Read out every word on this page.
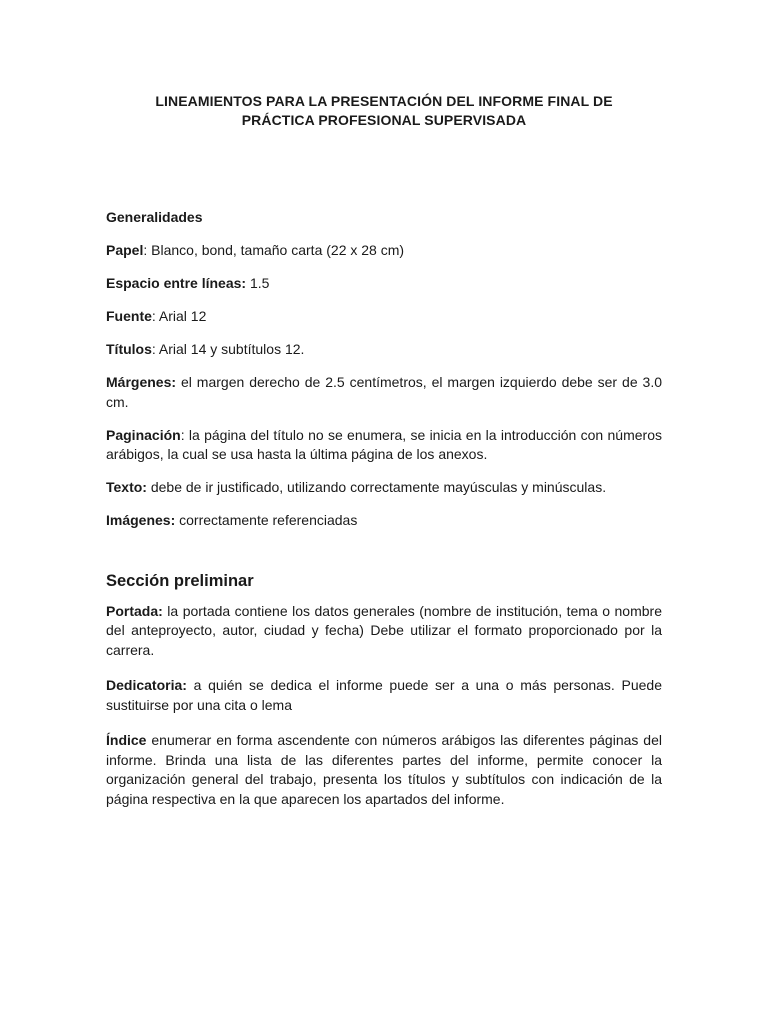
LINEAMIENTOS PARA LA PRESENTACIÓN DEL INFORME FINAL DE
PRÁCTICA PROFESIONAL SUPERVISADA

Generalidades

Papel: Blanco, bond, tamaño carta (22 x 28 cm)

Espacio entre líneas: 1.5

Fuente: Arial 12

Títulos: Arial 14 y subtítulos 12.

Márgenes: el margen derecho de 2.5 centímetros, el margen izquierdo debe ser de 3.0 cm.

Paginación: la página del título no se enumera, se inicia en la introducción con números arábigos, la cual se usa hasta la última página de los anexos.

Texto: debe de ir justificado, utilizando correctamente mayúsculas y minúsculas.

Imágenes: correctamente referenciadas

Sección preliminar

Portada: la portada contiene los datos generales (nombre de institución, tema o nombre del anteproyecto, autor, ciudad y fecha) Debe utilizar el formato proporcionado por la carrera.

Dedicatoria: a quién se dedica el informe puede ser a una o más personas. Puede sustituirse por una cita o lema

Índice enumerar en forma ascendente con números arábigos las diferentes páginas del informe. Brinda una lista de las diferentes partes del informe, permite conocer la organización general del trabajo, presenta los títulos y subtítulos con indicación de la página respectiva en la que aparecen los apartados del informe.
